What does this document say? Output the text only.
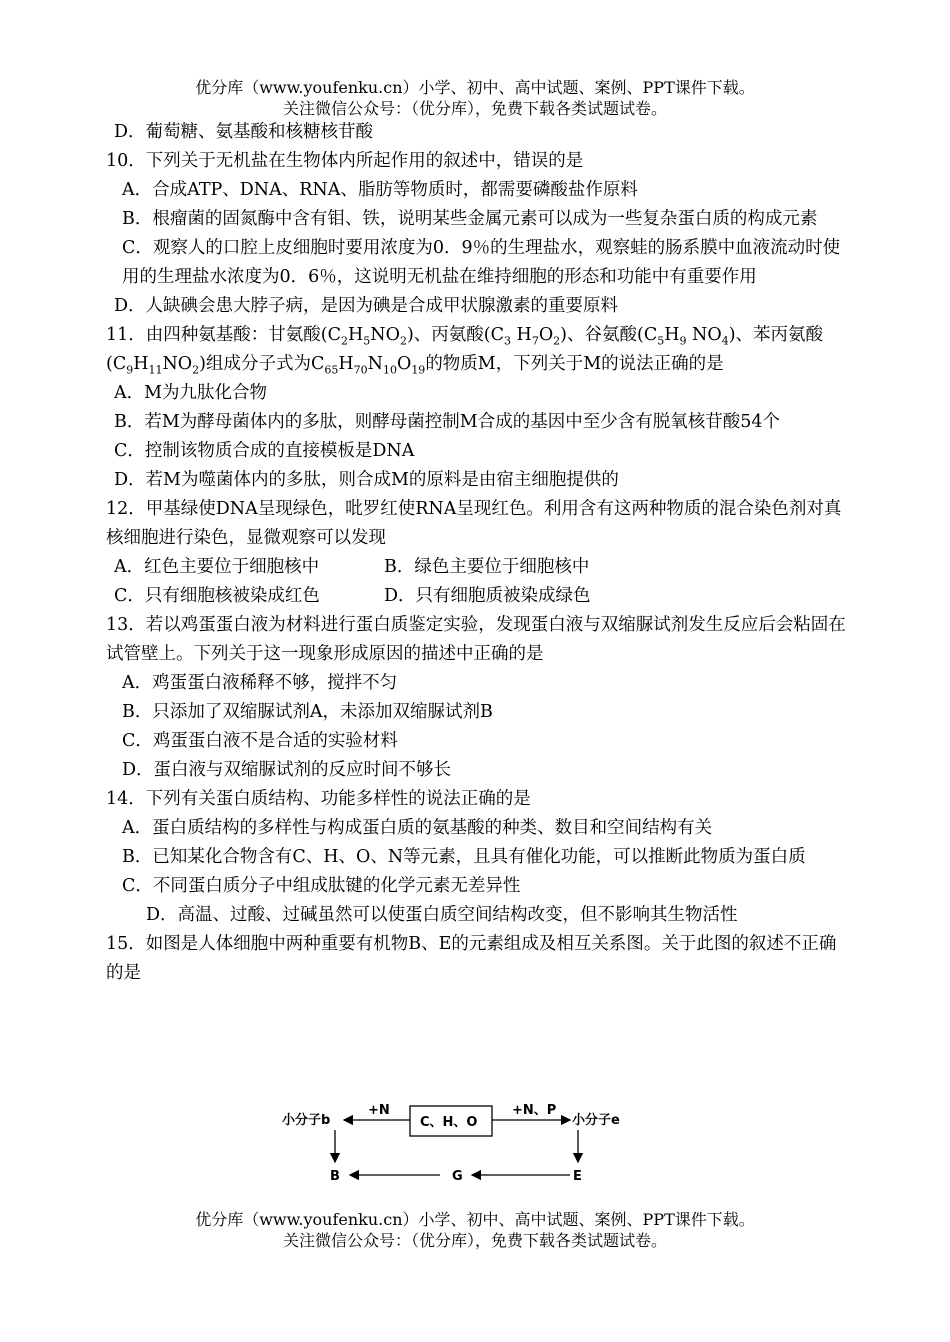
优分库（www.youfenku.cn）小学、初中、高中试题、案例、PPT课件下载。
关注微信公众号：（优分库），免费下载各类试题试卷。
D．葡萄糖、氨基酸和核糖核苷酸
10．下列关于无机盐在生物体内所起作用的叙述中，错误的是
A．合成ATP、DNA、RNA、脂肪等物质时，都需要磷酸盐作原料
B．根瘤菌的固氮酶中含有钼、铁，说明某些金属元素可以成为一些复杂蛋白质的构成元素
C．观察人的口腔上皮细胞时要用浓度为0．9％的生理盐水，观察蛙的肠系膜中血液流动时使用的生理盐水浓度为0．6％，这说明无机盐在维持细胞的形态和功能中有重要作用
D．人缺碘会患大脖子病，是因为碘是合成甲状腺激素的重要原料
11．由四种氨基酸：甘氨酸$(C_2H_5NO_2)$、丙氨酸($C_3$ $H_7O_2$)、谷氨酸($C_5H_9$ $NO_4$)、苯丙氨酸
$(C_9H_{11}NO_2)$组成分子式为$C_{65}H_{70}N_{10}O_{19}$的物质M，下列关于M的说法正确的是
A．M为九肽化合物
B．若M为酵母菌体内的多肽，则酵母菌控制M合成的基因中至少含有脱氧核苷酸54个
C．控制该物质合成的直接模板是DNA
D．若M为噬菌体内的多肽，则合成M的原料是由宿主细胞提供的
12．甲基绿使DNA呈现绿色，吡罗红使RNA呈现红色。利用含有这两种物质的混合染色剂对真核细胞进行染色，显微观察可以发现
A．红色主要位于细胞核中	B．绿色主要位于细胞核中
C．只有细胞核被染成红色	D．只有细胞质被染成绿色
13．若以鸡蛋蛋白液为材料进行蛋白质鉴定实验，发现蛋白液与双缩脲试剂发生反应后会粘固在试管壁上。下列关于这一现象形成原因的描述中正确的是
A．鸡蛋蛋白液稀释不够，搅拌不匀
B．只添加了双缩脲试剂A，未添加双缩脲试剂B
C．鸡蛋蛋白液不是合适的实验材料
D．蛋白液与双缩脲试剂的反应时间不够长
14．下列有关蛋白质结构、功能多样性的说法正确的是
A．蛋白质结构的多样性与构成蛋白质的氨基酸的种类、数目和空间结构有关
B．已知某化合物含有C、H、O、N等元素，且具有催化功能，可以推断此物质为蛋白质
C．不同蛋白质分子中组成肽键的化学元素无差异性
D．高温、过酸、过碱虽然可以使蛋白质空间结构改变，但不影响其生物活性
15．如图是人体细胞中两种重要有机物B、E的元素组成及相互关系图。关于此图的叙述不正确的是
小分子b
+N
C、H、O
+N、P
小分子e
B	G	E
优分库（www.youfenku.cn）小学、初中、高中试题、案例、PPT课件下载。
关注微信公众号：（优分库），免费下载各类试题试卷。
